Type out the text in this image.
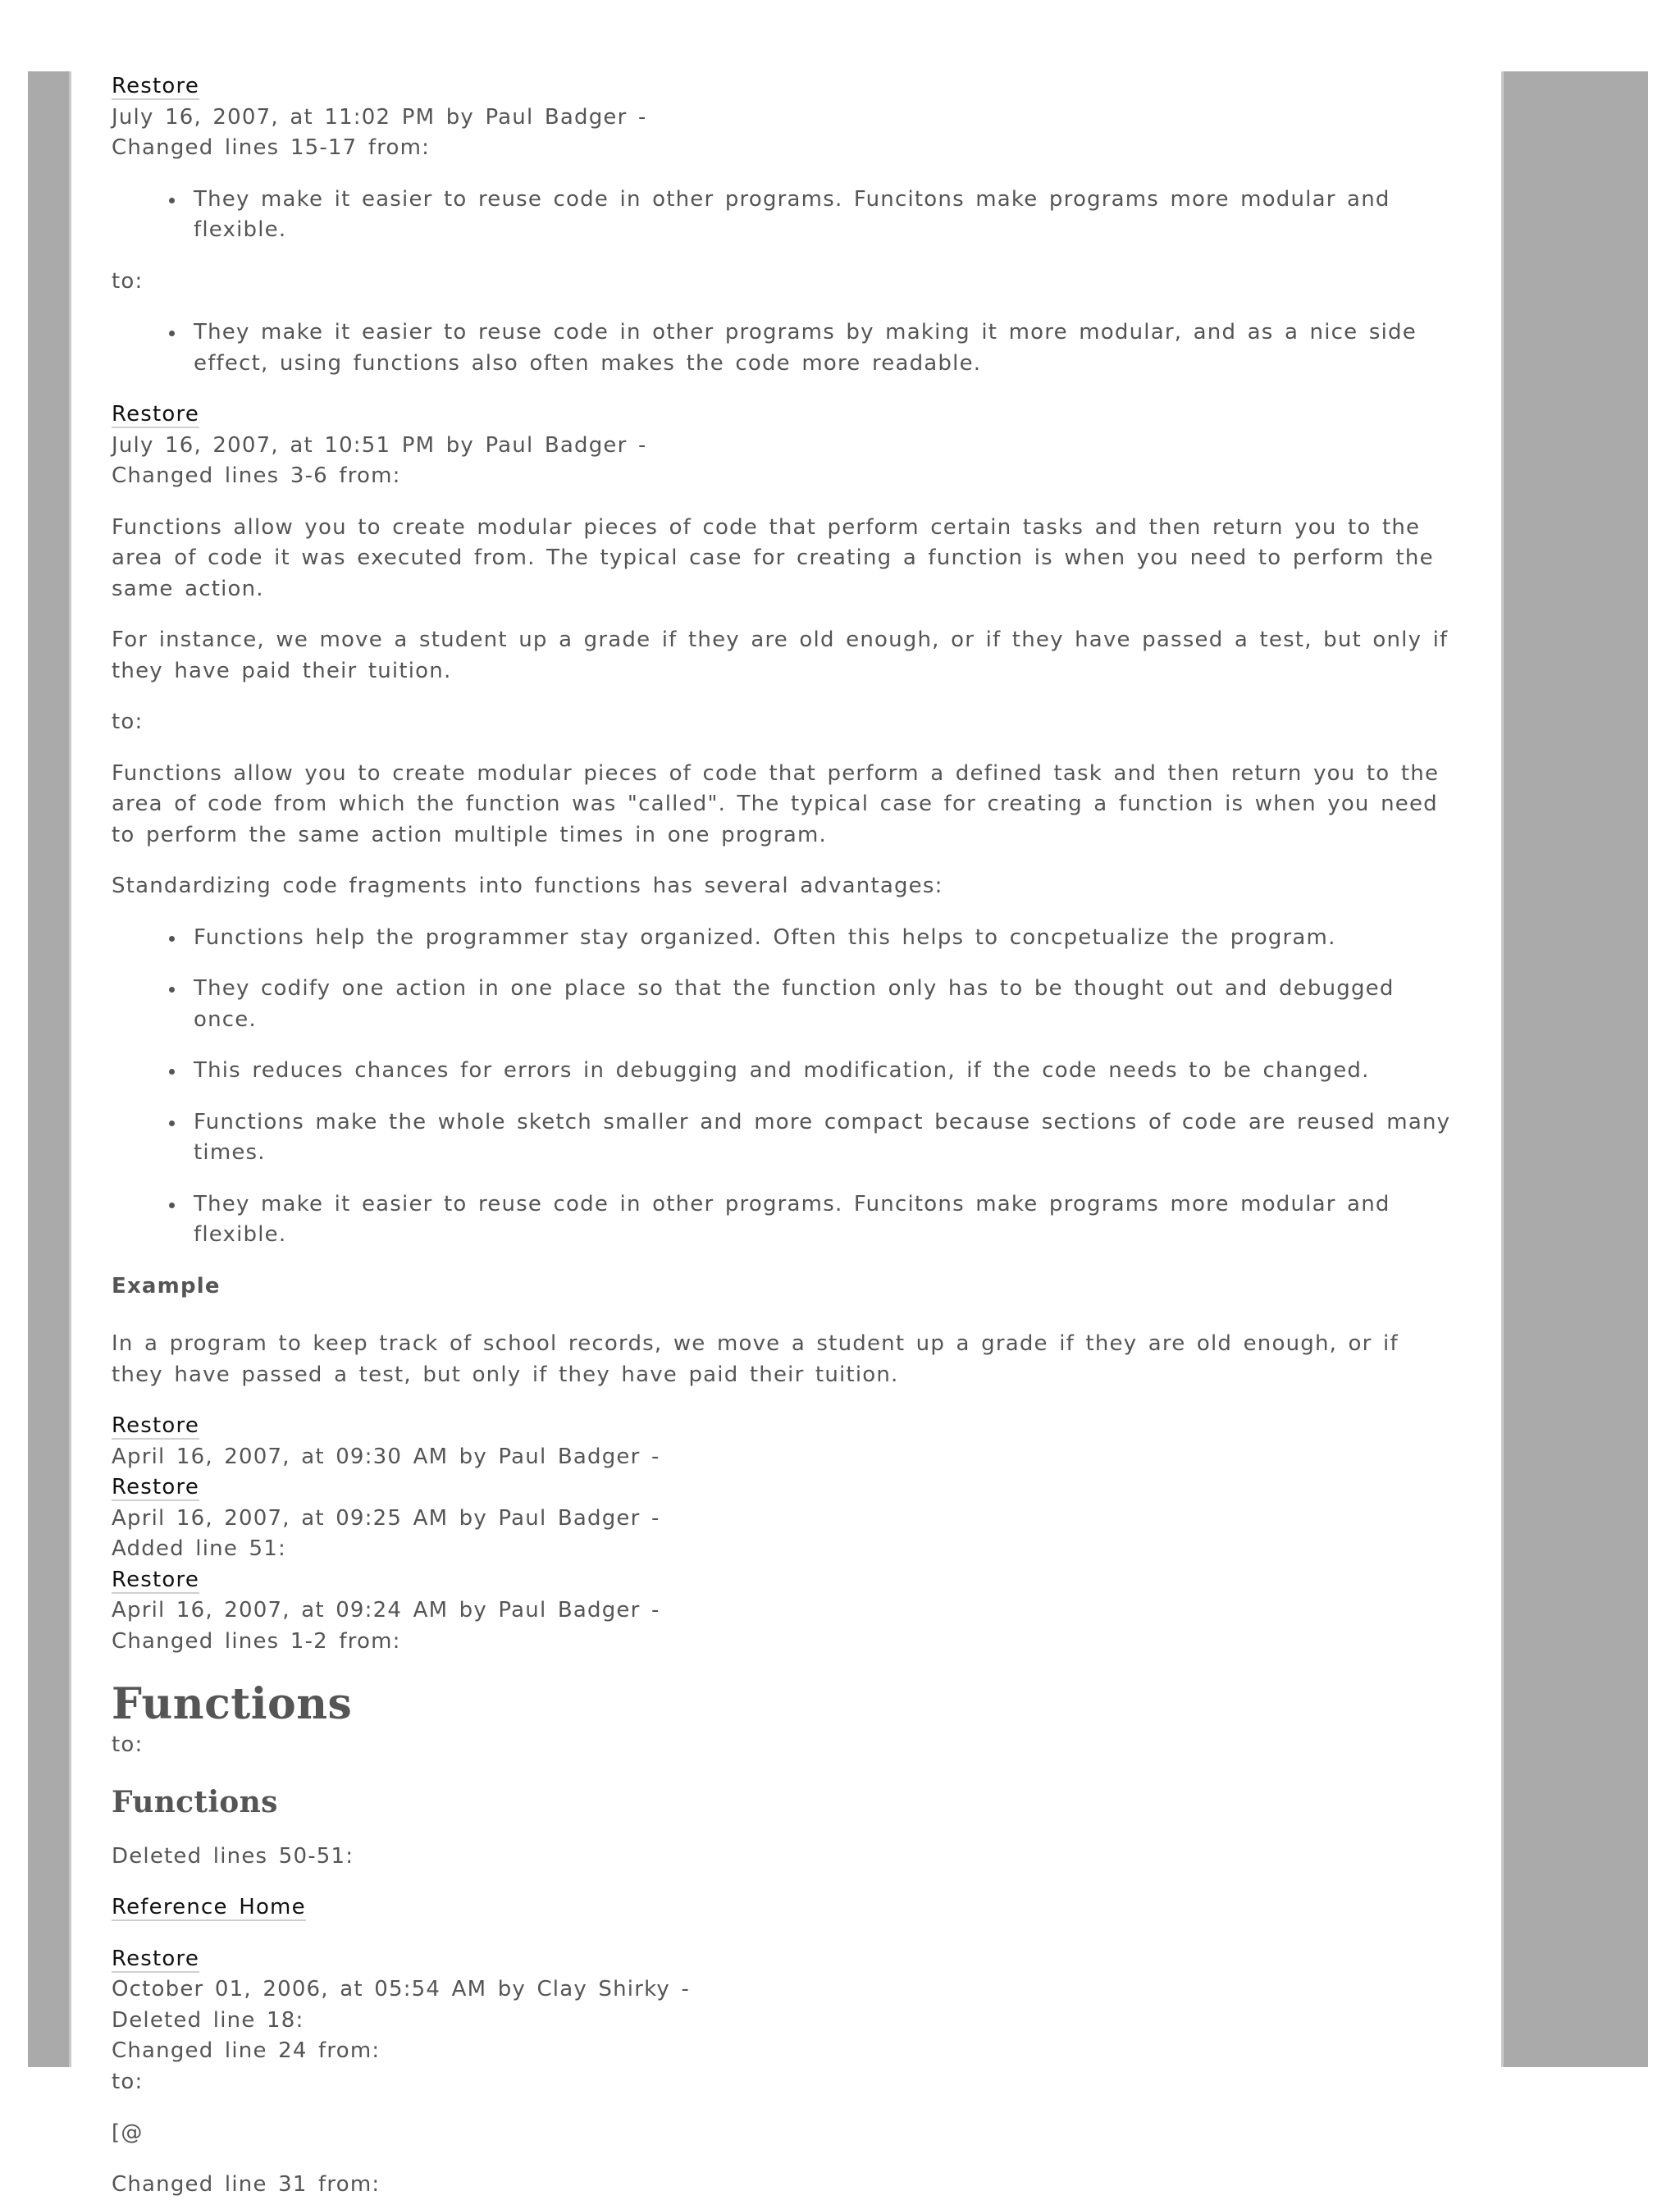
Restore
July 16, 2007, at 11:02 PM by Paul Badger -
Changed lines 15-17 from:
They make it easier to reuse code in other programs. Funcitons make programs more modular and flexible.

to:

They make it easier to reuse code in other programs by making it more modular, and as a nice side effect, using functions also often makes the code more readable.
Restore
July 16, 2007, at 10:51 PM by Paul Badger -
Changed lines 3-6 from:

Functions allow you to create modular pieces of code that perform certain tasks and then return you to the area of code it was executed from. The typical case for creating a function is when you need to perform the same action.

For instance, we move a student up a grade if they are old enough, or if they have passed a test, but only if they have paid their tuition.

to:

Functions allow you to create modular pieces of code that perform a defined task and then return you to the area of code from which the function was "called". The typical case for creating a function is when you need to perform the same action multiple times in one program.

Standardizing code fragments into functions has several advantages:

Functions help the programmer stay organized. Often this helps to concpetualize the program.
They codify one action in one place so that the function only has to be thought out and debugged once.
This reduces chances for errors in debugging and modification, if the code needs to be changed.
Functions make the whole sketch smaller and more compact because sections of code are reused many times.
They make it easier to reuse code in other programs. Funcitons make programs more modular and flexible.
Example

In a program to keep track of school records, we move a student up a grade if they are old enough, or if they have passed a test, but only if they have paid their tuition.

Restore
April 16, 2007, at 09:30 AM by Paul Badger -
Restore
April 16, 2007, at 09:25 AM by Paul Badger -
Added line 51:
Restore
April 16, 2007, at 09:24 AM by Paul Badger -
Changed lines 1-2 from:
Functions
to:
Functions

Deleted lines 50-51:

Reference Home

Restore
October 01, 2006, at 05:54 AM by Clay Shirky -
Deleted line 18:
Changed line 24 from:
to:

[@

Changed line 31 from:
